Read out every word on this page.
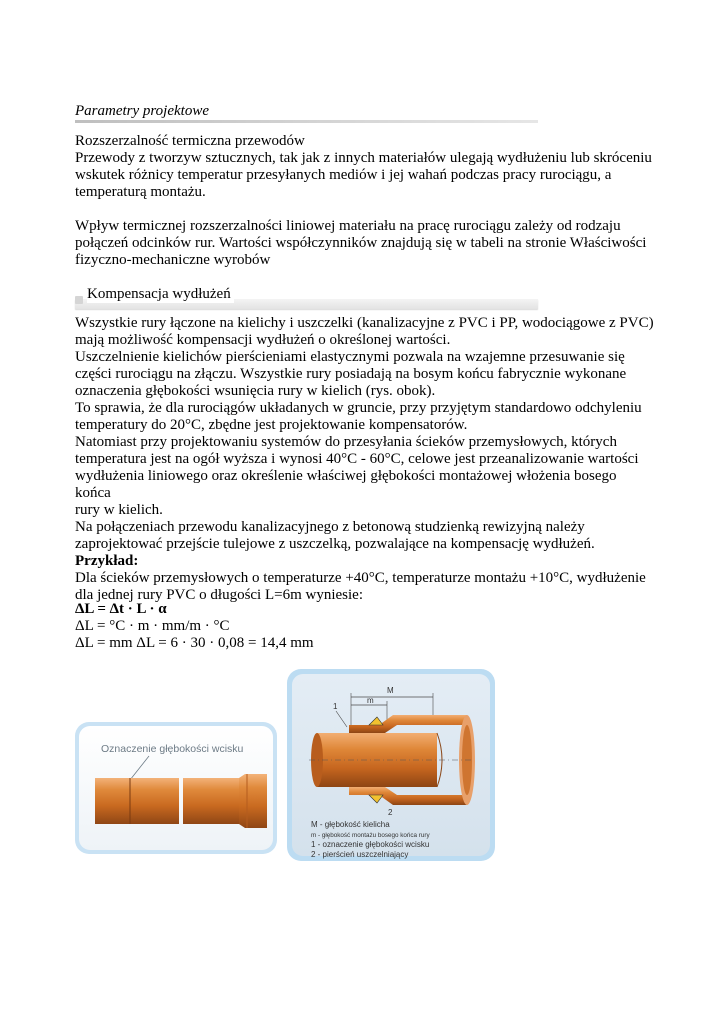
Parametry projektowe

Rozszerzalność termiczna przewodów

Przewody z tworzyw sztucznych, tak jak z innych materiałów ulegają wydłużeniu lub skróceniu

wskutek różnicy temperatur przesyłanych mediów i jej wahań podczas pracy rurociągu, a

temperaturą montażu.

Wpływ termicznej rozszerzalności liniowej materiału na pracę rurociągu zależy od rodzaju

połączeń odcinków rur. Wartości współczynników znajdują się w tabeli na stronie Właściwości

fizyczno-mechaniczne wyrobów

Kompensacja wydłużeń

Wszystkie rury łączone na kielichy i uszczelki (kanalizacyjne z PVC i PP, wodociągowe z PVC)

mają możliwość kompensacji wydłużeń o określonej wartości.

Uszczelnienie kielichów pierścieniami elastycznymi pozwala na wzajemne przesuwanie się

części rurociągu na złączu. Wszystkie rury posiadają na bosym końcu fabrycznie wykonane

oznaczenia głębokości wsunięcia rury w kielich (rys. obok).

To sprawia, że dla rurociągów układanych w gruncie, przy przyjętym standardowo odchyleniu

temperatury do 20°C, zbędne jest projektowanie kompensatorów.

Natomiast przy projektowaniu systemów do przesyłania ścieków przemysłowych, których

temperatura jest na ogół wyższa i wynosi 40°C - 60°C, celowe jest przeanalizowanie wartości

wydłużenia liniowego oraz określenie właściwej głębokości montażowej włożenia bosego końca

rury w kielich.

Na połączeniach przewodu kanalizacyjnego z betonową studzienką rewizyjną należy

zaprojektować przejście tulejowe z uszczelką, pozwalające na kompensację wydłużeń.

Przykład:

Dla ścieków przemysłowych o temperaturze +40°C, temperaturze montażu +10°C, wydłużenie

dla jednej rury PVC o długości L=6m wyniesie:

ΔL = Δt · L · α

ΔL = °C · m · mm/m · °C

ΔL = mm ΔL = 6 · 30 · 0,08 = 14,4 mm

Oznaczenie głębokości wcisku
M
m
1
2
M - głębokość kielicha
m - głębokość montażu bosego końca rury
1 - oznaczenie głębokości wcisku
2 - pierścień uszczelniający
